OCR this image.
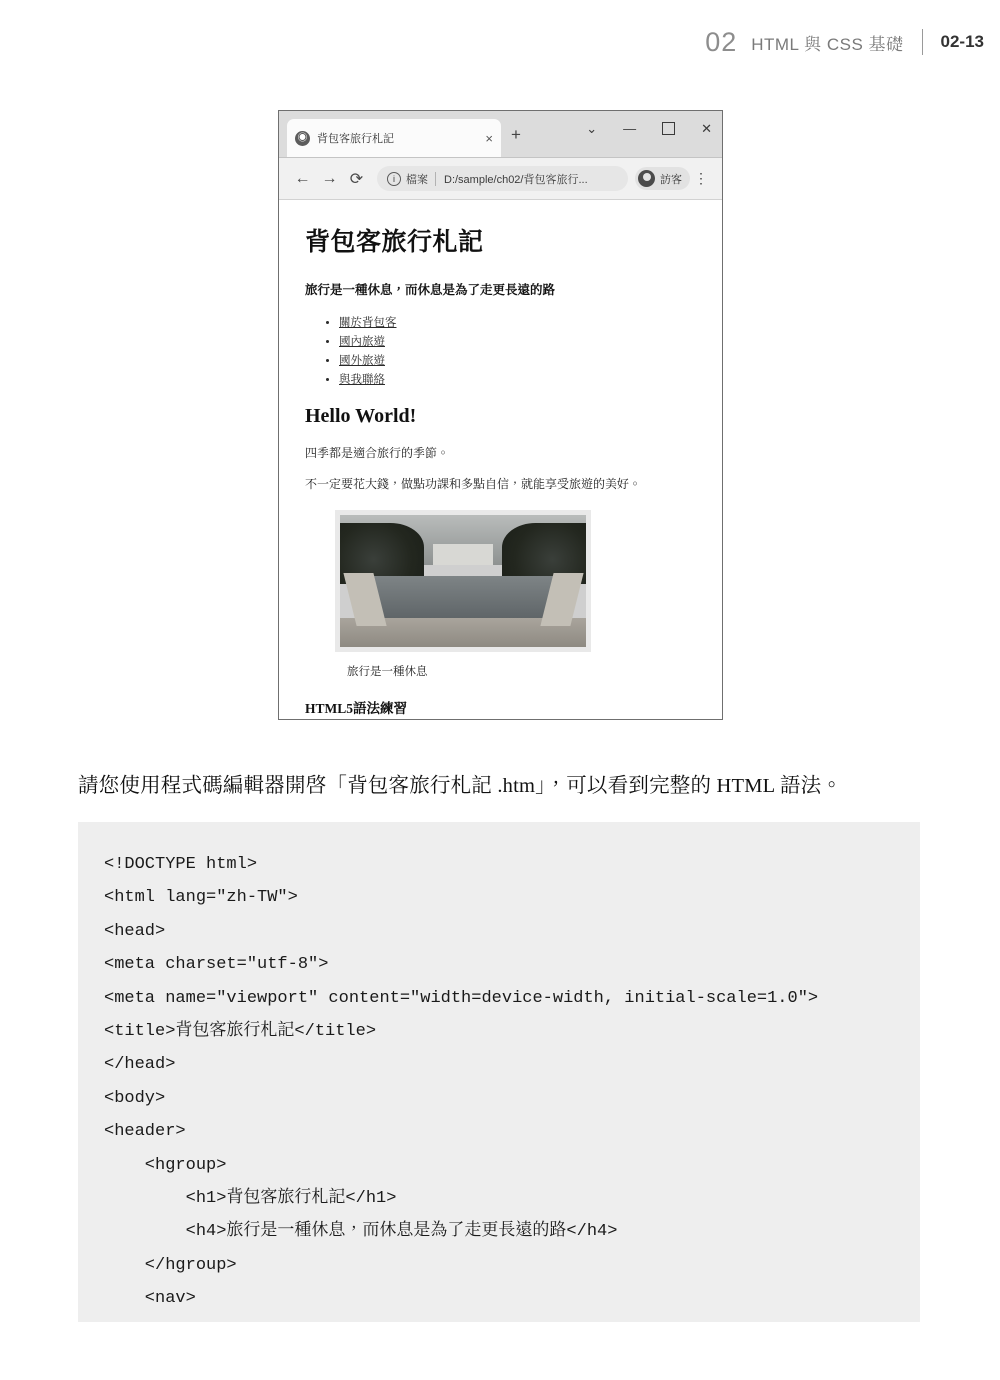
02 HTML 與 CSS 基礎	02-13
◉ 背包客旅行札記	× +	⌄ —	✕
← → ⟳	i	檔案 D:/sample/ch02/背包客旅行...	訪客 ⋮
背包客旅行札記
旅行是一種休息，而休息是為了走更長遠的路
• 關於背包客
• 國內旅遊
• 國外旅遊
• 與我聯絡
Hello World!
四季都是適合旅行的季節。
不一定要花大錢，做點功課和多點自信，就能享受旅遊的美好。
旅行是一種休息
HTML5語法練習
請您使用程式碼編輯器開啓「背包客旅行札記 .htm」，可以看到完整的 HTML 語法。
<!DOCTYPE html>
<html lang="zh-TW">
<head>
<meta charset="utf-8">
<meta name="viewport" content="width=device-width, initial-scale=1.0">
<title>背包客旅行札記</title>
</head>
<body>
<header>
<hgroup>
<h1>背包客旅行札記</h1>
<h4>旅行是一種休息，而休息是為了走更長遠的路</h4>
</hgroup>
<nav>
